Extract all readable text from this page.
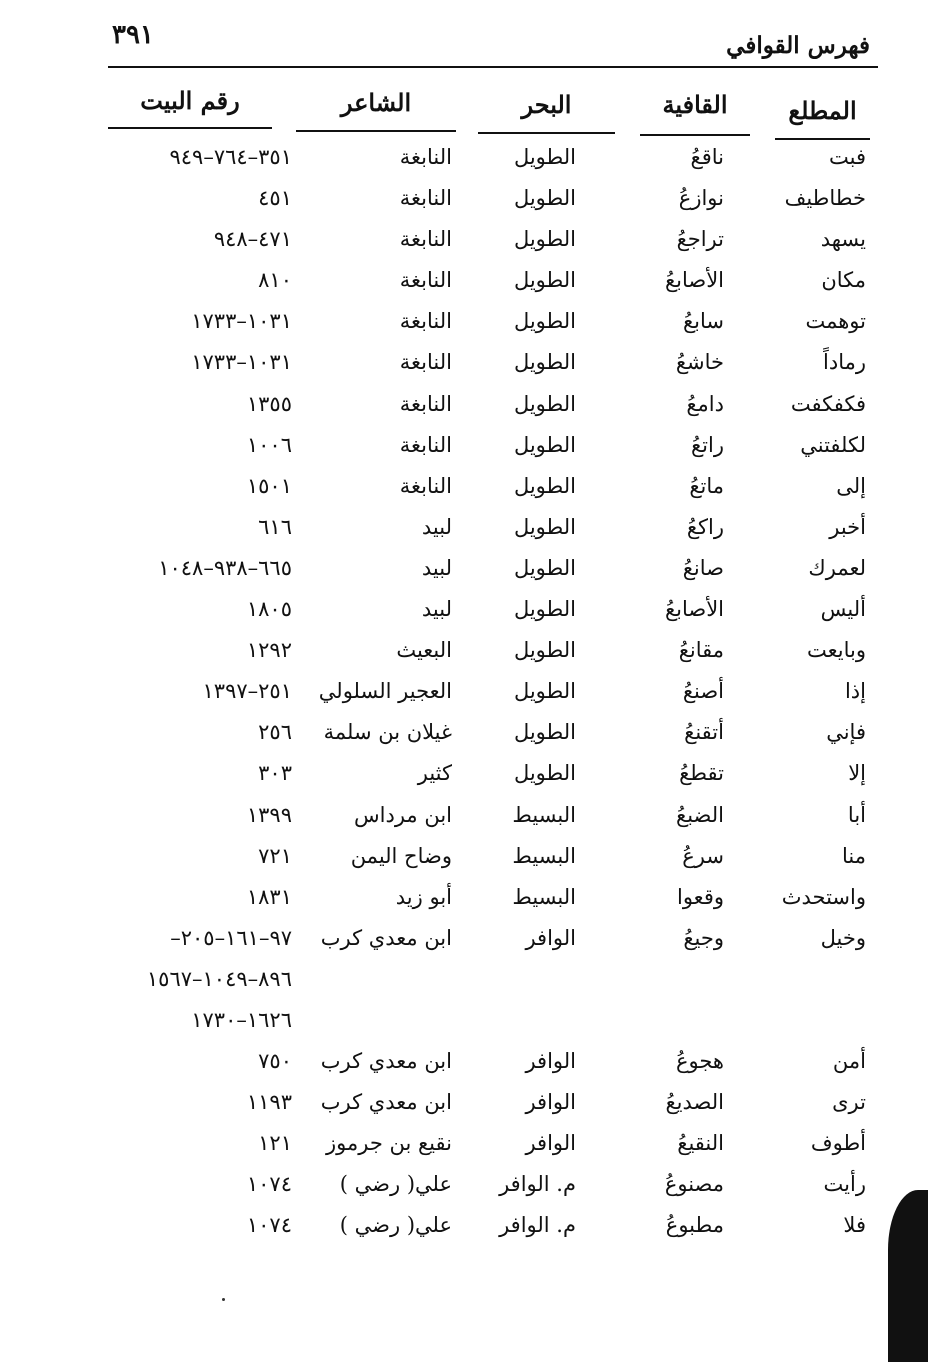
٣٩١	فهرس القوافي
المطلع
القافية
البحر
الشاعر
رقم البيت
فبت
ناقعُ
الطويل
النابغة
٣٥١–٧٦٤–٩٤٩
خطاطيف
نوازعُ
الطويل
النابغة
٤٥١
يسهد
تراجعُ
الطويل
النابغة
٤٧١–٩٤٨
مكان
الأصابعُ
الطويل
النابغة
٨١٠
توهمت
سابعُ
الطويل
النابغة
١٠٣١–١٧٣٣
رماداً
خاشعُ
الطويل
النابغة
١٠٣١–١٧٣٣
فكفكفت
دامعُ
الطويل
النابغة
١٣٥٥
لكلفتني
راتعُ
الطويل
النابغة
١٠٠٦
إلى
ماتعُ
الطويل
النابغة
١٥٠١
أخبر
راكعُ
الطويل
لبيد
٦١٦
لعمرك
صانعُ
الطويل
لبيد
٦٦٥–٩٣٨–١٠٤٨
أليس
الأصابعُ
الطويل
لبيد
١٨٠٥
وبايعت
مقانعُ
الطويل
البعيث
١٢٩٢
إذا
أصنعُ
الطويل
العجير السلولي
٢٥١–١٣٩٧
فإني
أتقنعُ
الطويل
غيلان بن سلمة
٢٥٦
إلا
تقطعُ
الطويل
كثير
٣٠٣
أبا
الضبعُ
البسيط
ابن مرداس
١٣٩٩
منا
سرعُ
البسيط
وضاح اليمن
٧٢١
واستحدث
وقعوا
البسيط
أبو زيد
١٨٣١
وخيل
وجيعُ
الوافر
ابن معدي كرب
٩٧–١٦١–٢٠٥–
٨٩٦–١٠٤٩–١٥٦٧
١٦٢٦–١٧٣٠
أمن
هجوعُ
الوافر
ابن معدي كرب
٧٥٠
ترى
الصديعُ
الوافر
ابن معدي كرب
١١٩٣
أطوف
النقيعُ
الوافر
نقيع بن جرموز
١٢١
رأيت
مصنوعُ
م. الوافر
علي( رضي )
١٠٧٤
فلا
مطبوعُ
م. الوافر
علي( رضي )
١٠٧٤
